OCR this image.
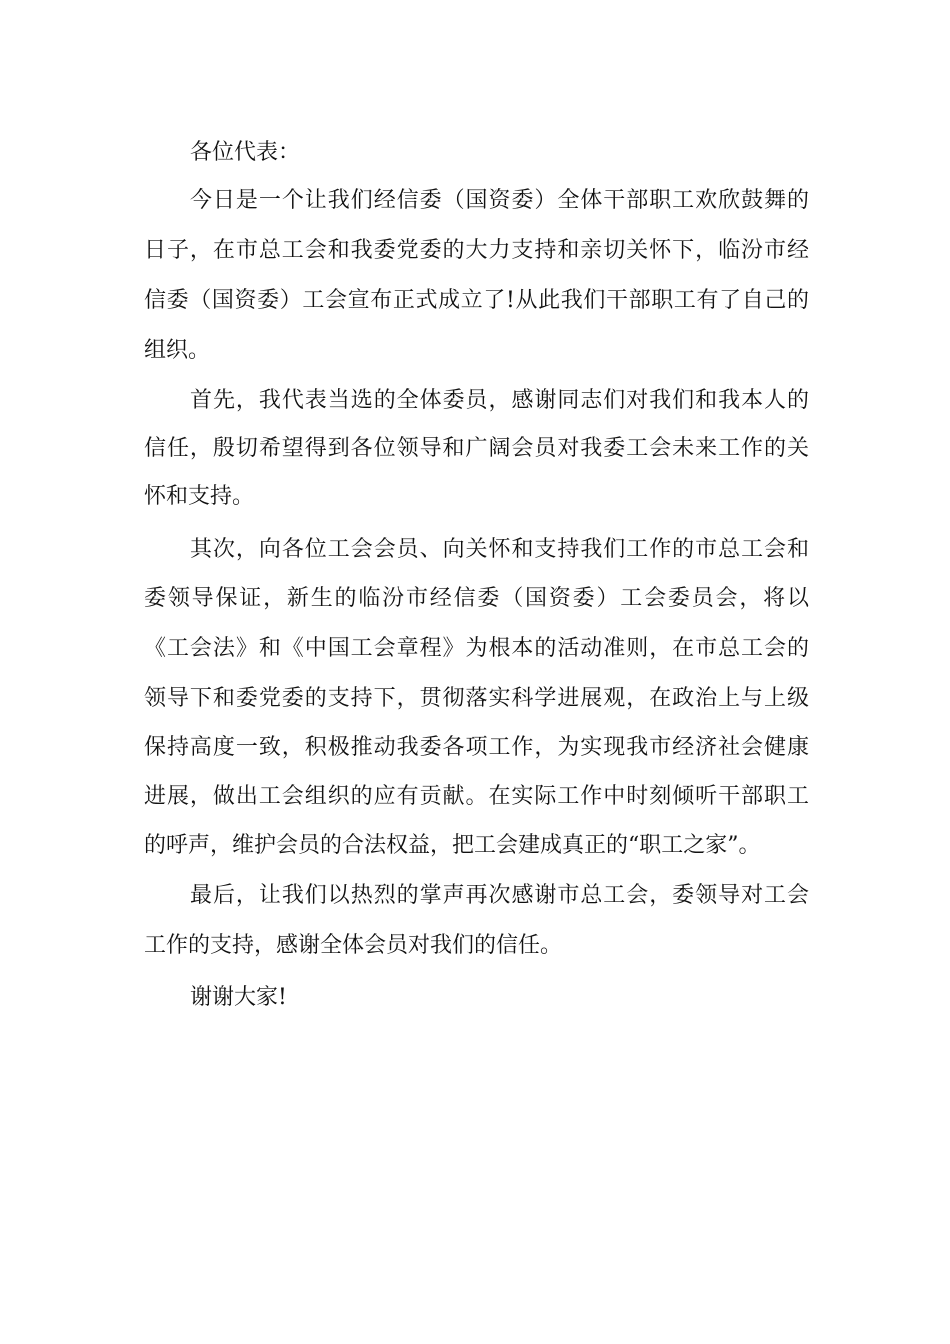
各位代表：
今日是一个让我们经信委（国资委）全体干部职工欢欣鼓舞的
日子，在市总工会和我委党委的大力支持和亲切关怀下，临汾市经
信委（国资委）工会宣布正式成立了!从此我们干部职工有了自己的
组织。
首先，我代表当选的全体委员，感谢同志们对我们和我本人的
信任，殷切希望得到各位领导和广阔会员对我委工会未来工作的关
怀和支持。
其次，向各位工会会员、向关怀和支持我们工作的市总工会和
委领导保证，新生的临汾市经信委（国资委）工会委员会，将以
《工会法》和《中国工会章程》为根本的活动准则，在市总工会的
领导下和委党委的支持下，贯彻落实科学进展观，在政治上与上级
保持高度一致，积极推动我委各项工作，为实现我市经济社会健康
进展，做出工会组织的应有贡献。在实际工作中时刻倾听干部职工
的呼声，维护会员的合法权益，把工会建成真正的“职工之家”。
最后，让我们以热烈的掌声再次感谢市总工会，委领导对工会
工作的支持，感谢全体会员对我们的信任。
谢谢大家!
